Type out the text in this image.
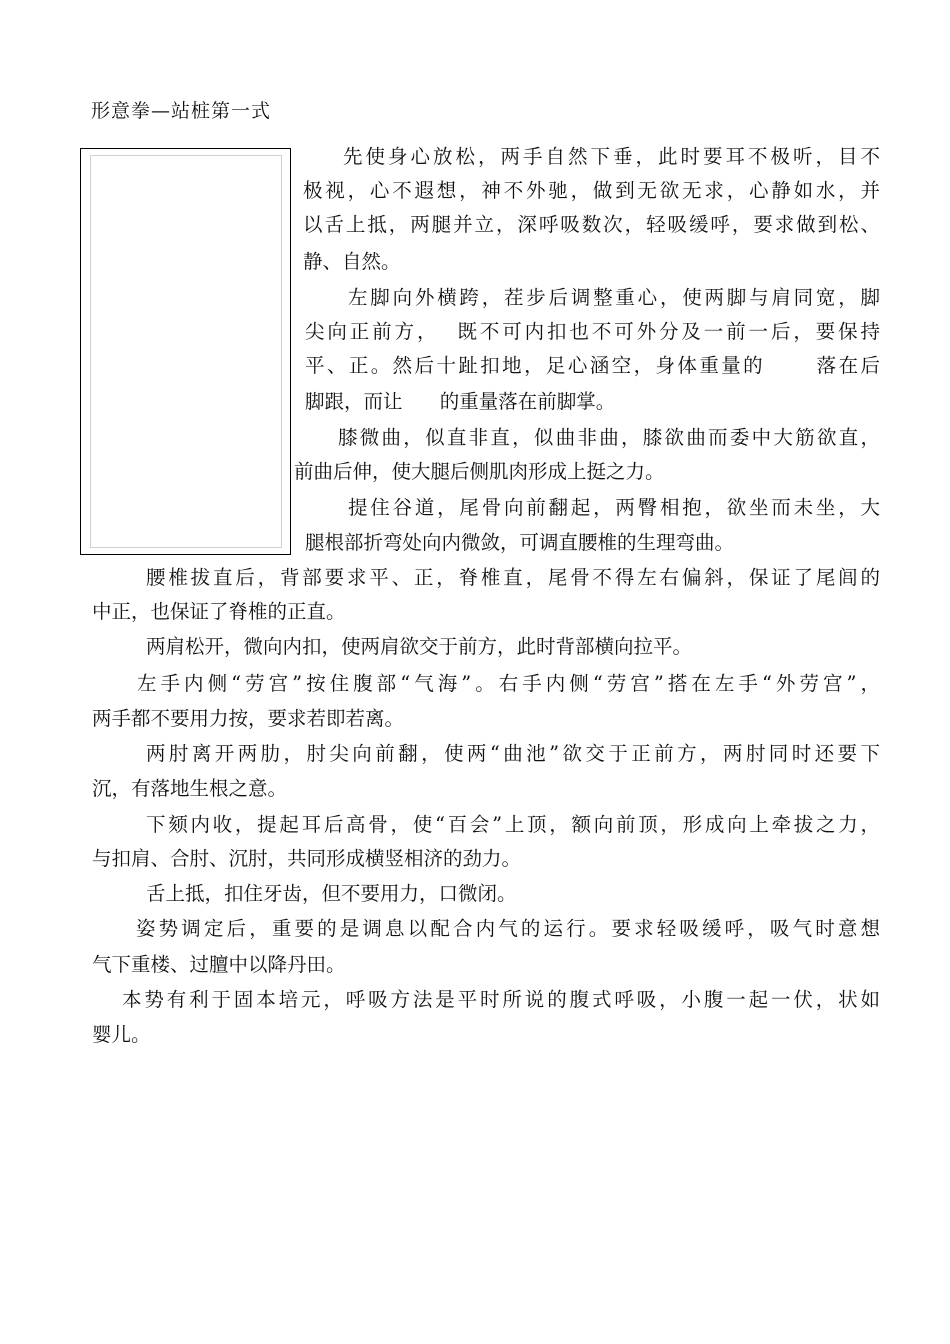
形意拳—站桩第一式
先使身心放松，两手自然下垂，此时要耳不极听，目不
极视，心不遐想，神不外驰，做到无欲无求，心静如水，并
以舌上抵，两腿并立，深呼吸数次，轻吸缓呼，要求做到松、
静、自然。
左脚向外横跨，茬步后调整重心，使两脚与肩同宽，脚
尖向正前方，  既不可内扣也不可外分及一前一后，要保持
平、正。然后十趾扣地，足心涵空，身体重量的      落在后
脚跟，而让      的重量落在前脚掌。
膝微曲，似直非直，似曲非曲，膝欲曲而委中大筋欲直，
前曲后伸，使大腿后侧肌肉形成上挺之力。
提住谷道，尾骨向前翻起，两臀相抱，欲坐而未坐，大
腿根部折弯处向内微敛，可调直腰椎的生理弯曲。
腰椎拔直后，背部要求平、正，脊椎直，尾骨不得左右偏斜，保证了尾闾的
中正，也保证了脊椎的正直。
两肩松开，微向内扣，使两肩欲交于前方，此时背部横向拉平。
左手内侧“劳宫”按住腹部“气海”。右手内侧“劳宫”搭在左手“外劳宫”，
两手都不要用力按，要求若即若离。
两肘离开两肋，肘尖向前翻，使两“曲池”欲交于正前方，两肘同时还要下
沉，有落地生根之意。
下颏内收，提起耳后高骨，使“百会”上顶，额向前顶，形成向上牵拔之力，
与扣肩、合肘、沉肘，共同形成横竖相济的劲力。
舌上抵，扣住牙齿，但不要用力，口微闭。
姿势调定后，重要的是调息以配合内气的运行。要求轻吸缓呼，吸气时意想
气下重楼、过膻中以降丹田。
本势有利于固本培元，呼吸方法是平时所说的腹式呼吸，小腹一起一伏，状如
婴儿。
